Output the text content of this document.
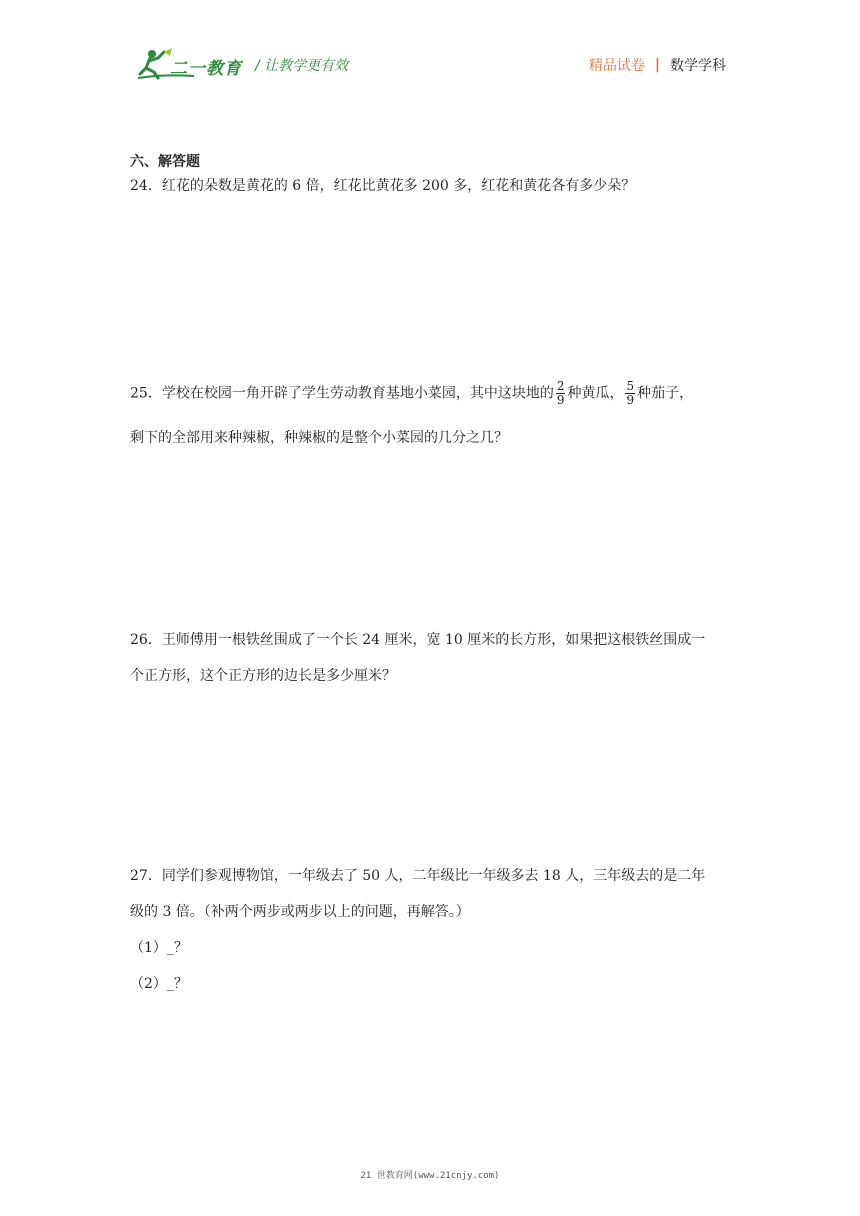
二一教育 / 让教学更有效	精品试卷 | 数学学科
六、解答题
24．红花的朵数是黄花的 6 倍，红花比黄花多 200 多，红花和黄花各有多少朵？
25．学校在校园一角开辟了学生劳动教育基地小菜园，其中这块地的 $\frac{2}{9}$ 种黄瓜， $\frac{5}{9}$ 种茄子，
剩下的全部用来种辣椒，种辣椒的是整个小菜园的几分之几？
26．王师傅用一根铁丝围成了一个长 24 厘米，宽 10 厘米的长方形，如果把这根铁丝围成一
个正方形，这个正方形的边长是多少厘米？
27．同学们参观博物馆，一年级去了 50 人，二年级比一年级多去 18 人，三年级去的是二年
级的 3 倍。（补两个两步或两步以上的问题，再解答。）
（1）_？
（2）_？
21 世教育网(www.21cnjy.com)
